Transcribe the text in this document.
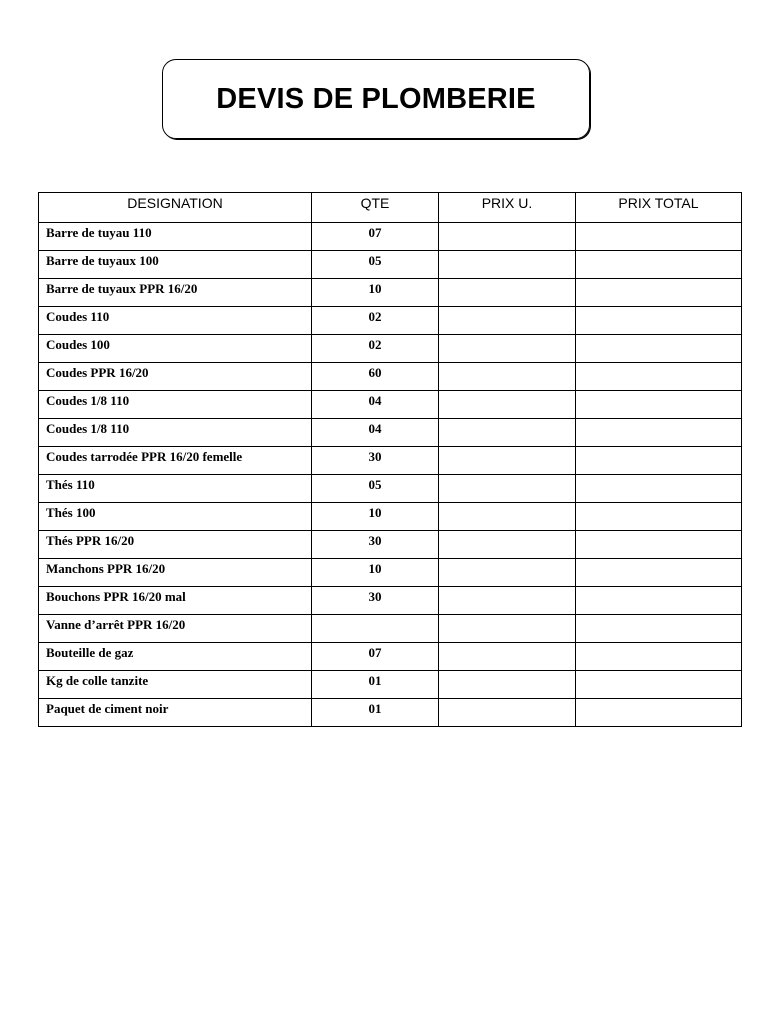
DEVIS DE PLOMBERIE
DESIGNATION	QTE	PRIX U.	PRIX TOTAL
Barre de tuyau 110	07		
Barre de tuyaux 100	05		
Barre de tuyaux PPR 16/20	10		
Coudes 110	02		
Coudes 100	02		
Coudes PPR 16/20	60		
Coudes 1/8 110	04		
Coudes 1/8 110	04		
Coudes tarrodée PPR 16/20 femelle	30		
Thés 110	05		
Thés 100	10		
Thés PPR 16/20	30		
Manchons PPR 16/20	10		
Bouchons PPR 16/20 mal	30		
Vanne d’arrêt PPR 16/20			
Bouteille de gaz	07		
Kg de colle tanzite	01		
Paquet de ciment noir	01		
